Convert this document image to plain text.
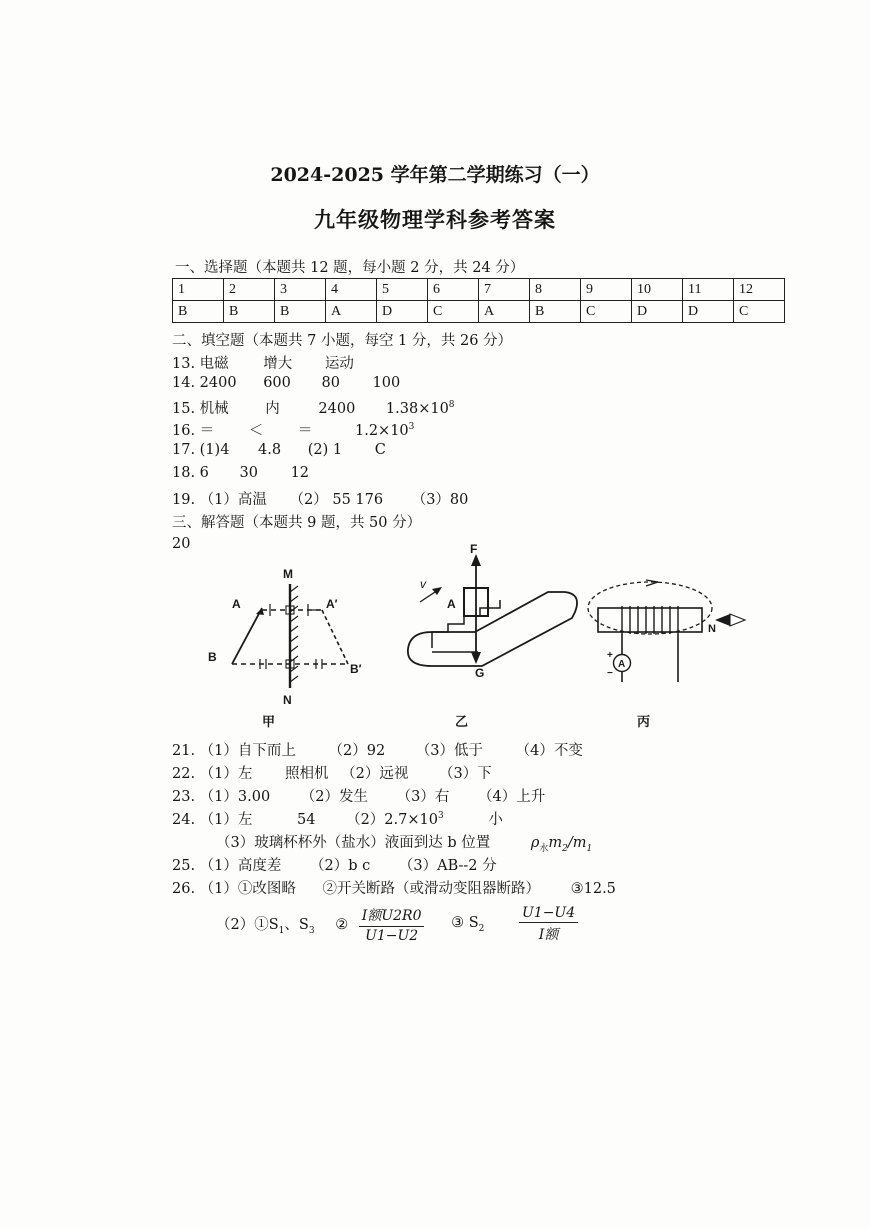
2024-2025 学年第二学期练习（一）
九年级物理学科参考答案
一、选择题（本题共 12 题，每小题 2 分，共 24 分）
1	2	3	4	5	6	7	8	9	10	11	12
B	B	B	A	D	C	A	B	C	D	D	C
二、填空题（本题共 7 小题，每空 1 分，共 26 分）
13. 电磁 增大 运动
14. 2400 600 80 100
15. 机械	内	2400 $1.38\times 10^8$
16. ＝ ＜ ＝	$1.2\times 10^3$
17. (1)4 4.8 (2) 1 C
18. 6 30 12
19. （1）高温 （2） 55 176 （3）80
三、解答题（本题共 9 题，共 50 分）
20
M
N
A	A′
B
B′
F
G
A
v
N
A
+
−
甲	乙	丙
21. （1）自下而上 （2）92 （3）低于 （4）不变
22. （1）左 照相机 （2）远视 （3）下
23. （1）3.00 （2）发生 （3）右 （4）上升
24. （1）左	54 $(2)2.7\times 10^3$	小
（3）玻璃杯杯外（盐水）液面到达 b 位置	$\rho_水m_2/m_1$
25. （1）高度差 （2）b c （3）AB--2 分
26. （1）①改图略 ②开关断路（或滑动变阻器断路） ③12.5
$(2)①S_1$、$S_3$ ② $\frac{\text{I额U2R0}}{U1-U2}$ ③ $S_2 \frac{U1-U4}{\text{I额}}$
